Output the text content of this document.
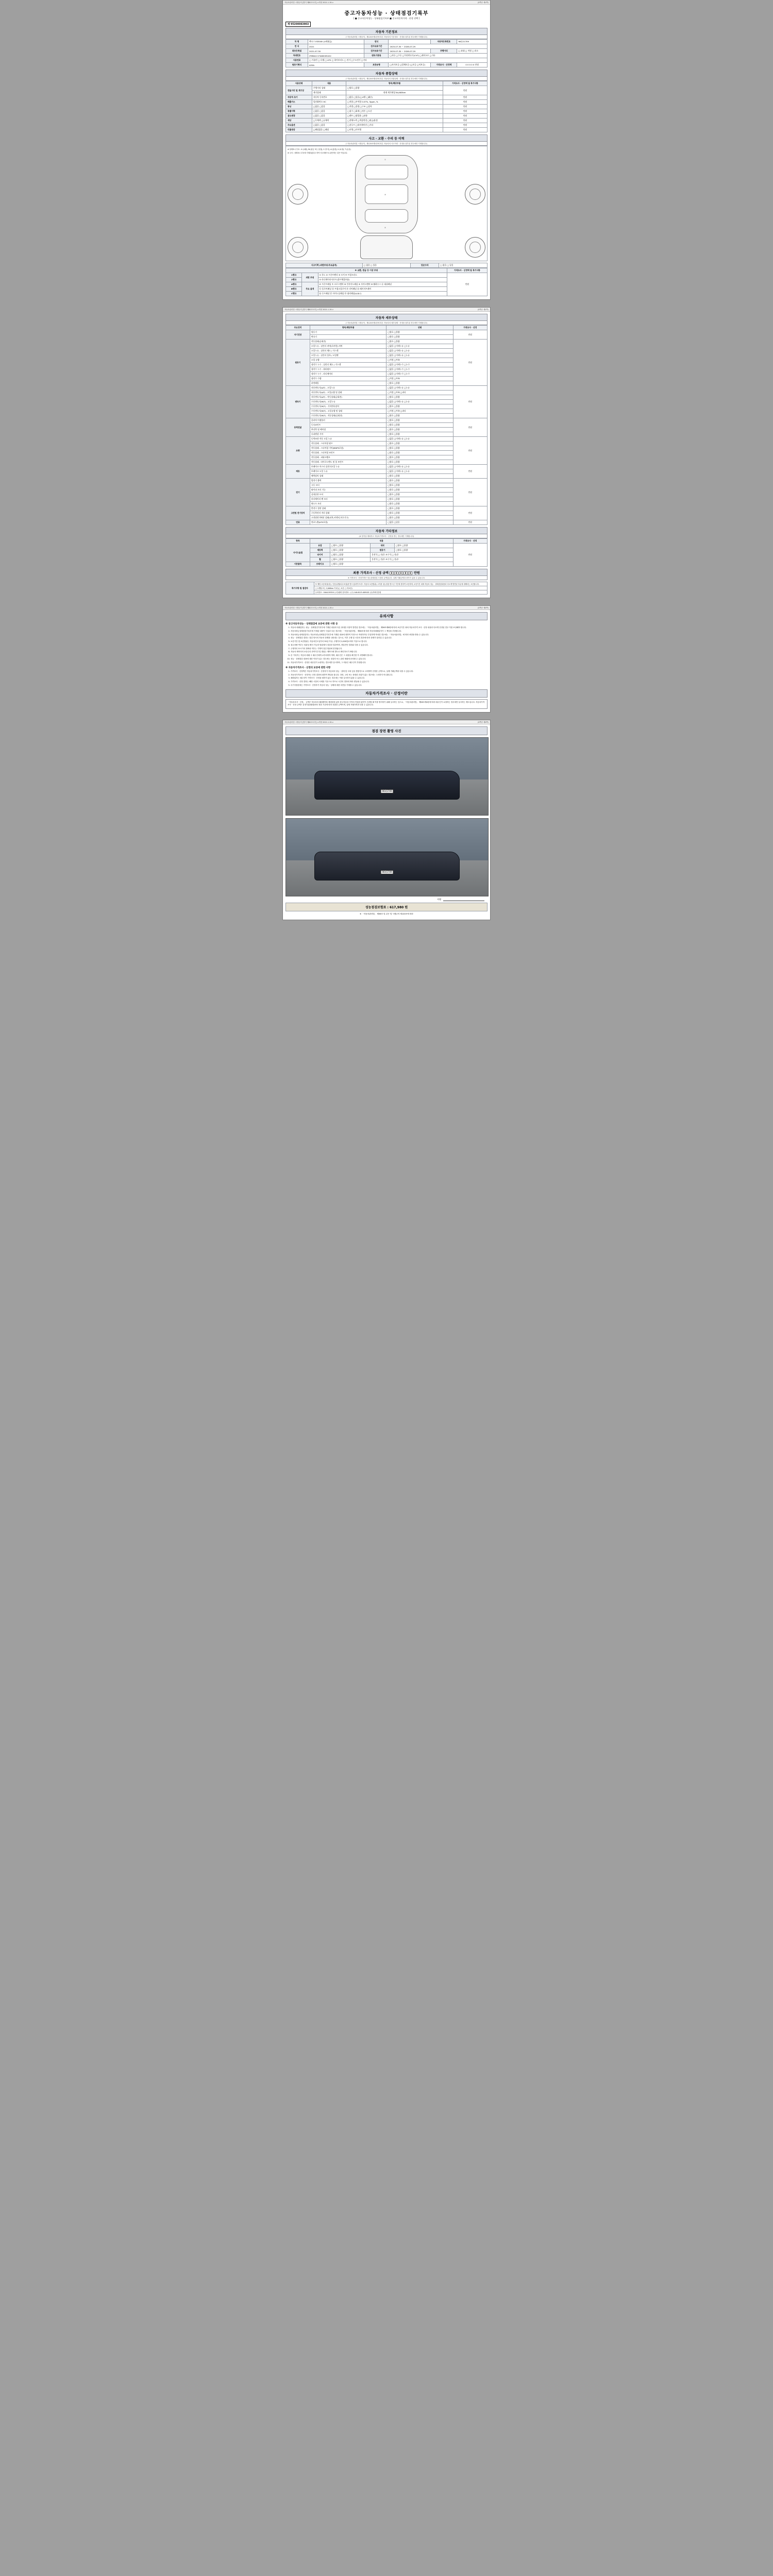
자동차관리법 시행규칙 [별지 제82호서식] <개정 2021.1.19.>	(3쪽중 제1쪽)
중고자동차성능 · 상태점검기록부
[ ■ 중고자동차성능 · 상태점검기록부 ■ 중고자동차가격 · 산정 선택 ]
제 95200083903
자동차 기본정보
(「자동차관리법 시행규칙」제120조제1항에 따른 자동차의 기본정보 · 산정을 첨부된 경우에만 기재합니다)
차 명	팩시스 ES300h (4세대급)	연식		자동차등록번호	96유21709
연 식	2021	검사유효기간	2025-07-30 ~ 2026-07-29		
최초등록일	2021-07-30	검사유효기간	2025-07-30 ~ 2026-07-29	주행거리	□ 과대 □ 적정 □ 과소
차대번호	JTHBA1C1*A60005422	변속기종류	□자동 □수동 □무단변속기(CVT) □세미오토 □기타		
사용연료	□ 가솔린 □ 디젤 □ LPG □ 하이브리드 □ 전기 □수소전기 □기타				
원동기형식	A25A	보증유형	□자가보증 □업체보증 (□보증 □미보증)	가격조사 · 산정액	0 0 0 0 0 만원
자동차 종합상태
(「자동차관리법 시행규칙」제120조제1항에 따른 자동차의 종합상태 · 산정을 첨부된 경우에만 기재합니다)
사용상태	내용	항목/해당부품	가격조사 · 산정액 및 특기사항
전들거리 및 계기상	주행거리 상태	□양호 □불량	만원
	계기상태	현재 계기판상 84,683km	
자동차 초기	자동차 등록번호	□없음 □있음(□교환 □훼손)	만원
배출가스	일산화탄소 HC	□적합 □부적합 0.07%, 5ppm, %	만원
튜닝	□없음 □있음	□적법 □불법 □구조 □장치	만원
특별이력	□없음 □있음	□침수 □화재 □전손 □도난	만원
용도변경	□없음 □있음	□렌트 □영업용 □관용	만원
색상	□무채색 □유채색	□전체도색 □색상변경 □판금/용접	만원
주요옵션	□없음 □있음	□선루프 □내비게이션 □기타	만원
리콜대상	□해당없음 □해당	□이행 □미이행	만원
사고 · 교환 · 수리 등 이력
(「자동차관리법 시행규칙」제120조제1항에 따른 자동차의 사고이력 · 산정을 첨부된 경우에만 기재합니다)
※ 상태표시 부호 : X (교환), W (판금 또는 용접), C (부식), A (흠집), U (요철), T (손상)
※ 주의 : 상태표시 부호에 기재되었다고 하여 사고차량으로 판단하는 것은 아닙니다.
①
⑩
④
사고이력 (외판부위/주요골격)	□ 없음 □ 있음	단순수리	□ 없음 □ 있음
※ 교환, 판금 등 이상 부위			가격조사 · 산정액 및 특기사항
1랭크	외판 부위	① 후드 ② 프론트펜더 ③ 도어 ④ 트렁크리드	만원
2랭크		⑤ 라디에이터서포트(볼트체결부품)	
A랭크	주요 골격	⑥ 프론트패널 ⑦ 크로스멤버 ⑧ 인사이드패널 ⑨ 사이드멤버 ⑩ 휠하우스 ⑪ 대쉬패널	
B랭크		⑫ 플로어패널 ⑬ 트렁크플로어 ⑭ 리어패널 ⑮ 패키지트레이	
C랭크		⑯ 루프패널 ⑰ 사이드실패널 ⑱ 필러패널(A,B,C)	
자동차관리법 시행규칙 [별지 제82호서식] <개정 2021.1.19.>	(3쪽중 제2쪽)
자동차 세부상태
(「자동차관리법 시행규칙」제120조제1항에 따른 자동차의 세부상태 · 산정을 첨부된 경우에만 기재합니다)
주요장치	항목/해당부품	상태	가격조사 · 산정
자기진단	원동기	□양호 □불량	만원
	변속기	□양호 □불량	
원동기	작동상태(공회전)	□양호 □불량	만원
	오일누유 - 실린더 커버(로커암) 커버	□없음 □미세누유 □누유	
	오일누유 - 실린더 헤드 / 가스켓	□없음 □미세누유 □누유	
	오일누유 - 실린더 블록 / 오일팬	□없음 □미세누유 □누유	
	오일 유량	□적정 □부족	
	냉각수 누수 - 실린더 헤드 / 가스켓	□없음 □미세누수 □누수	
	냉각수 누수 - 워터펌프	□없음 □미세누수 □누수	
	냉각수 누수 - 라디에이터	□없음 □미세누수 □누수	
	냉각수 수량	□적정 □부족	
	커먼레일	□양호 □불량	
변속기	자동변속기(A/T) - 오일누유	□없음 □미세누유 □누유	만원
	자동변속기(A/T) - 오일유량 및 상태	□적정 □부족 □과다	
	자동변속기(A/T) - 작동상태(공회전)	□양호 □불량	
	수동변속기(M/T) - 오일누유	□없음 □미세누유 □누유	
	수동변속기(M/T) - 기어변속장치	□양호 □불량	
	수동변속기(M/T) - 오일유량 및 상태	□적정 □부족 □과다	
	수동변속기(M/T) - 작동상태(공회전)	□양호 □불량	
동력전달	클러치 어셈블리	□양호 □불량	만원
	등속죠인트	□양호 □불량	
	추진축 및 베어링	□양호 □불량	
	디퍼렌셜 기어	□양호 □불량	
조향	동력조향 작동 오일 누유	□없음 □미세누유 □누유	만원
	작동상태 - 스티어링 펌프	□양호 □불량	
	작동상태 - 스티어링 기어(MDPS포함)	□양호 □불량	
	작동상태 - 스티어링 조인트	□양호 □불량	
	작동상태 - 파워크랭크	□양호 □불량	
	작동상태 - 타이로드엔드 및 볼 조인트	□양호 □불량	
제동	브레이크 마스터 실린더오일 누유	□없음 □미세누유 □누유	만원
	브레이크 오일 누유	□없음 □미세누유 □누유	
	배력장치 상태	□양호 □불량	
전기	발전기 출력	□양호 □불량	만원
	시동 모터	□양호 □불량	
	와이퍼 모터 기능	□양호 □불량	
	실내송풍 모터	□양호 □불량	
	라디에이터 팬 모터	□양호 □불량	
	윈도우 모터	□양호 □불량	
고전원 전기장치	충전구 절연 상태	□양호 □불량	만원
	구동축전지 격리 상태	□양호 □불량	
	고전원전기배선 상태(피복,커넥터,보호기구)	□양호 □불량	
연료	연료누출(LPG포함)	□없음 □있음	만원
자동차 기타정보
(※ 항목을 제외하고 자동차가격조사 · 산정을 받는 경우에만 기재합니다)
항목	내용				가격조사 · 산정
사이드슬립	유압	□양호 □불량	내외	□양호 □불량	만원
	제동력	□양호 □불량	원동기	□양호 □불량	
	타이어	□양호 □불량	운전석 □ 전/후 조수석 □ 전/후		
	휠	□양호 □불량	운전석 □ 전/후 조수석 □ 전/후		
기본품목	브레이크	□양호 □불량			
최종 가격조사 · 산정 금액 0 0 0 0 0 만원
※ 가격조사 · 산정가격은 성능상태점검 시점의 금액입니다. 실제 거래금액과 차이가 있을 수 있습니다.
특기사항 및 점검자	또 해당 보증대상(성능 인증)실행(의무보험)을 받으신(하이브리드 자동차 보증범위) 고지를 성능점검 받으신 기간에 한하여 보증하며, 보증기간 내에 자동차 성능 · 상태점검내용과 다르게 발견된 부분에 대해서는 보증합니다.
□ 1개월 또는 2,000km 이내 (□ 보증 □ 미보증)
등록번호 : 1644-59319 / (사)협회 검사번호 : (주) 140-6115-409102 (주)자바인증원
자동차관리법 시행규칙 [별지 제82호서식] <개정 2021.1.19.>	(3쪽중 제3쪽)
유의사항
※ 중고자동차성능 · 상태점검에 보증에 관한 사항 등
1. 자동차 매매업자는 성능 · 상태점검기록부에 기재된 내용과 다른 중대한 사항이 발견된 경우에는 「자동차관리법」 제58조제6항에 따라 보증기간 내에 자동차가격 조사 · 산정 내용과 다르게 산정된 경우 이를 보상해야 합니다.
2. 자동차성능상태점검기록부에 기재된 내용이 사실과 다른 경우에는 「자동차관리법」 제58조에 따라 자동차매매업자가 그 책임을 부담합니다.
3. 자동차성능상태점검자는 자동차성능상태점검기록부에 기재된 내용에 대하여 거짓으로 작성하거나 부실하게 작성한 경우에는 「자동차관리법」에 따라 처벌을 받을 수 있습니다.
4. 성능 · 상태점검 결과는 점검 당시의 자동차 상태를 나타내는 것으로, 이후 주행 및 시간의 경과에 따라 상태가 달라질 수 있습니다.
5. 보증기간 및 보증범위는 자동차인도일부터 30일 이상, 주행거리 2,000킬로미터 이상으로 합니다.
6. 침수차량 여부는 외관상 확인 가능한 범위에서 점검한 결과이며, 정밀진단 결과와 다를 수 있습니다.
7. 주행거리 표시기의 정확성 여부는 기계적 점검 범위에 한정됩니다.
8. 자동차 제작사의 보증수리 잔여기간 및 범위는 제작사에 별도로 확인하시기 바랍니다.
9. 본 기록부는 자동차 매매 시 매수인에게 교부되어야 하며, 매수인은 그 내용을 확인한 후 서명해야 합니다.
10. 성능 · 상태점검 내용에 대한 이의가 있는 경우에는 점검자 또는 관련 협회에 문의할 수 있습니다.
11. 자동차가격조사 · 산정은 매수인이 요청하는 경우에만 실시하며, 그 비용은 매수인이 부담합니다.
※ 자동차가격조사 · 산정의 보증에 관한 사항
1. 가격조사 · 산정액은 자동차가격조사 · 산정자가 자동차의 성능 · 상태 및 시세 등을 종합적으로 고려하여 산정한 금액으로, 실제 거래금액과 다를 수 있습니다.
2. 자동차가격조사 · 산정자는 산정 결과에 대하여 책임을 집니다. 다만, 고의 또는 중대한 과실이 없는 경우에는 그러하지 아니합니다.
3. 매매업자는 매수인이 가격조사 · 산정을 원하지 않는 경우에는 이를 실시하지 않을 수 있습니다.
4. 가격조사 · 산정 결과는 해당 시점의 시세를 기준으로 하므로 시간의 경과에 따라 변동될 수 있습니다.
5. 특기사항란에는 가격조사 · 산정자가 자동차 성능 · 상태에 대한 의견을 기재할 수 있습니다.
자동차가격조사 · 산정이란
「자동차조사 · 산정」 금액은 자동차의 매매계약을 체결함에 있어 중고자동차 가격의 적절한 판단이 곤란할 때 이를 방지하기 위해 실시하는 것으로, 「자동차관리법」 제58조제4항에 따라 매수인이 요청하는 경우에만 실시하는 제도입니다. 자동차가격조사 · 산정 금액은 감정기관(협회)에서 정한 기준에 따라 산출한 금액이며, 실제 거래가격과 다를 수 있습니다.
자동차관리법 시행규칙 [별지 제82호서식] <개정 2021.1.19.>	(3쪽중 제3쪽)
점검 장면 촬영 사진
96허1709
96허1709
서명
성능점검보험료 : 617,980 원
※ 「자동차관리법」 제58조 및 같은 법 시행규칙 제120조에 따라
